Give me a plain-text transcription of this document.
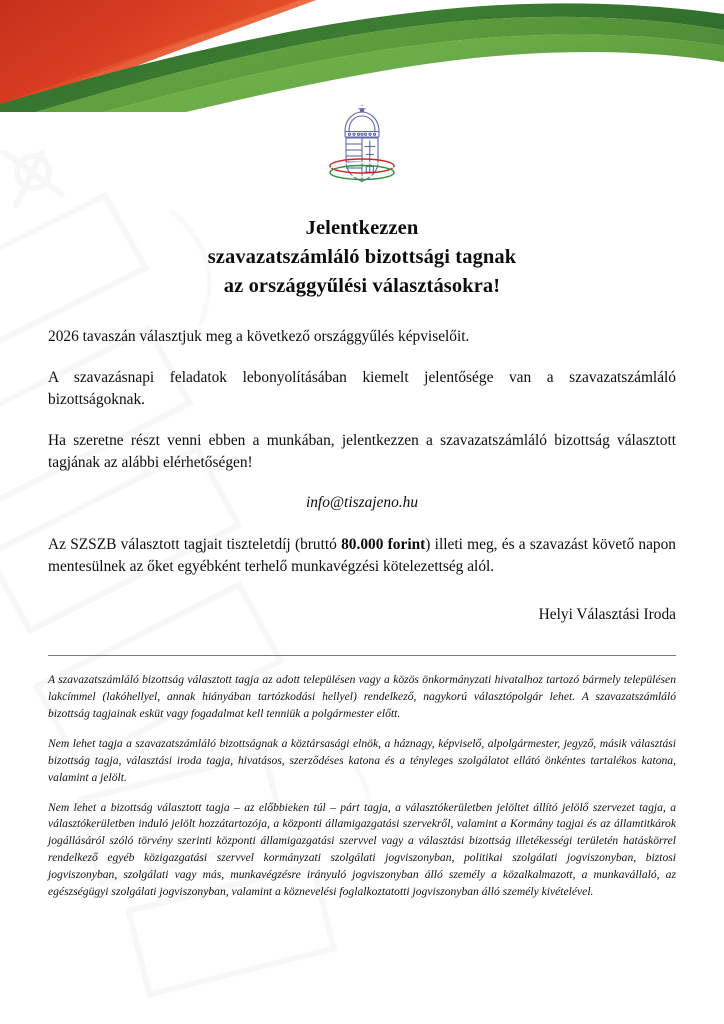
Jelentkezzen
szavazatszámláló bizottsági tagnak
az országgyűlési választásokra!

2026 tavaszán választjuk meg a következő országgyűlés képviselőit.

A szavazásnapi feladatok lebonyolításában kiemelt jelentősége van a szavazatszámláló bizottságoknak.

Ha szeretne részt venni ebben a munkában, jelentkezzen a szavazatszámláló bizottság választott tagjának az alábbi elérhetőségen!

info@tiszajeno.hu

Az SZSZB választott tagjait tiszteletdíj (bruttó 80.000 forint) illeti meg, és a szavazást követő napon mentesülnek az őket egyébként terhelő munkavégzési kötelezettség alól.

Helyi Választási Iroda

A szavazatszámláló bizottság választott tagja az adott településen vagy a közös önkormányzati hivatalhoz tartozó bármely településen lakcímmel (lakóhellyel, annak hiányában tartózkodási hellyel) rendelkező, nagykorú választópolgár lehet. A szavazatszámláló bizottság tagjainak esküt vagy fogadalmat kell tenniük a polgármester előtt.

Nem lehet tagja a szavazatszámláló bizottságnak a köztársasági elnök, a háznagy, képviselő, alpolgármester, jegyző, másik választási bizottság tagja, választási iroda tagja, hivatásos, szerződéses katona és a tényleges szolgálatot ellátó önkéntes tartalékos katona, valamint a jelölt.

Nem lehet a bizottság választott tagja – az előbbieken túl – párt tagja, a választókerületben jelöltet állító jelölő szervezet tagja, a választókerületben induló jelölt hozzátartozója, a központi államigazgatási szervekről, valamint a Kormány tagjai és az államtitkárok jogállásáról szóló törvény szerinti központi államigazgatási szervvel vagy a választási bizottság illetékességi területén hatáskörrel rendelkező egyéb közigazgatási szervvel kormányzati szolgálati jogviszonyban, politikai szolgálati jogviszonyban, biztosi jogviszonyban, szolgálati vagy más, munkavégzésre irányuló jogviszonyban álló személy a közalkalmazott, a munkavállaló, az egészségügyi szolgálati jogviszonyban, valamint a köznevelési foglalkoztatotti jogviszonyban álló személy kivételével.
